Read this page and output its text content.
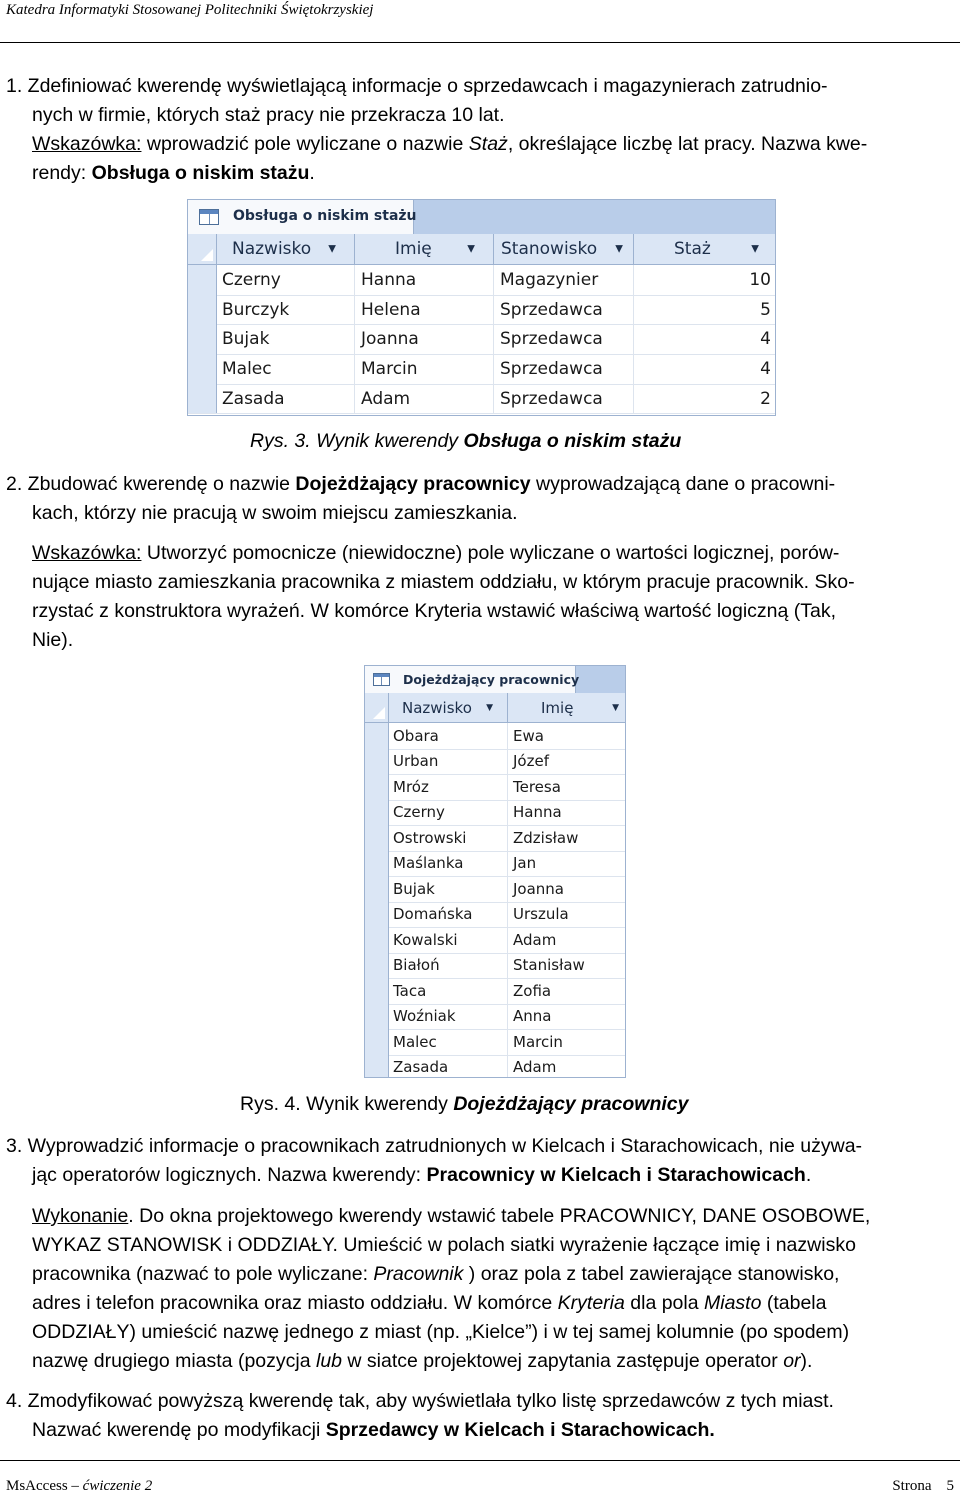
Katedra Informatyki Stosowanej Politechniki Świętokrzyskiej
1. Zdefiniować kwerendę wyświetlającą informacje o sprzedawcach i magazynierach zatrudnio-
nych w firmie, których staż pracy nie przekracza 10 lat.
Wskazówka: wprowadzić pole wyliczane o nazwie Staż, określające liczbę lat pracy. Nazwa kwe-
rendy: Obsługa o niskim stażu.
Obsługa o niskim stażu
Nazwisko ▼	Imię	▼ Stanowisko ▼	Staż	▼
Czerny	Hanna	Magazynier	10
Burczyk	Helena	Sprzedawca	5
Bujak	Joanna	Sprzedawca	4
Malec	Marcin	Sprzedawca	4
Zasada	Adam	Sprzedawca	2
Rys. 3. Wynik kwerendy Obsługa o niskim stażu
2. Zbudować kwerendę o nazwie Dojeżdżający pracownicy wyprowadzającą dane o pracowni-
kach, którzy nie pracują w swoim miejscu zamieszkania.
Wskazówka: Utworzyć pomocnicze (niewidoczne) pole wyliczane o wartości logicznej, porów-
nujące miasto zamieszkania pracownika z miastem oddziału, w którym pracuje pracownik. Sko-
rzystać z konstruktora wyrażeń. W komórce Kryteria wstawić właściwą wartość logiczną (Tak,
Nie).
Dojeżdżający pracownicy
Nazwisko ▼	Imię	▼
Obara	Ewa
Urban	Józef
Mróz	Teresa
Czerny	Hanna
Ostrowski	Zdzisław
Maślanka	Jan
Bujak	Joanna
Domańska	Urszula
Kowalski	Adam
Białoń	Stanisław
Taca	Zofia
Woźniak	Anna
Malec	Marcin
Zasada	Adam
Rys. 4. Wynik kwerendy Dojeżdżający pracownicy
3. Wyprowadzić informacje o pracownikach zatrudnionych w Kielcach i Starachowicach, nie używa-
jąc operatorów logicznych. Nazwa kwerendy: Pracownicy w Kielcach i Starachowicach.
Wykonanie. Do okna projektowego kwerendy wstawić tabele PRACOWNICY, DANE OSOBOWE,
WYKAZ STANOWISK i ODDZIAŁY. Umieścić w polach siatki wyrażenie łączące imię i nazwisko
pracownika (nazwać to pole wyliczane: Pracownik ) oraz pola z tabel zawierające stanowisko,
adres i telefon pracownika oraz miasto oddziału. W komórce Kryteria dla pola Miasto (tabela
ODDZIAŁY) umieścić nazwę jednego z miast (np. „Kielce”) i w tej samej kolumnie (po spodem)
nazwę drugiego miasta (pozycja lub w siatce projektowej zapytania zastępuje operator or).
4. Zmodyfikować powyższą kwerendę tak, aby wyświetlała tylko listę sprzedawców z tych miast.
Nazwać kwerendę po modyfikacji Sprzedawcy w Kielcach i Starachowicach.
MsAccess – ćwiczenie 2	Strona 5
